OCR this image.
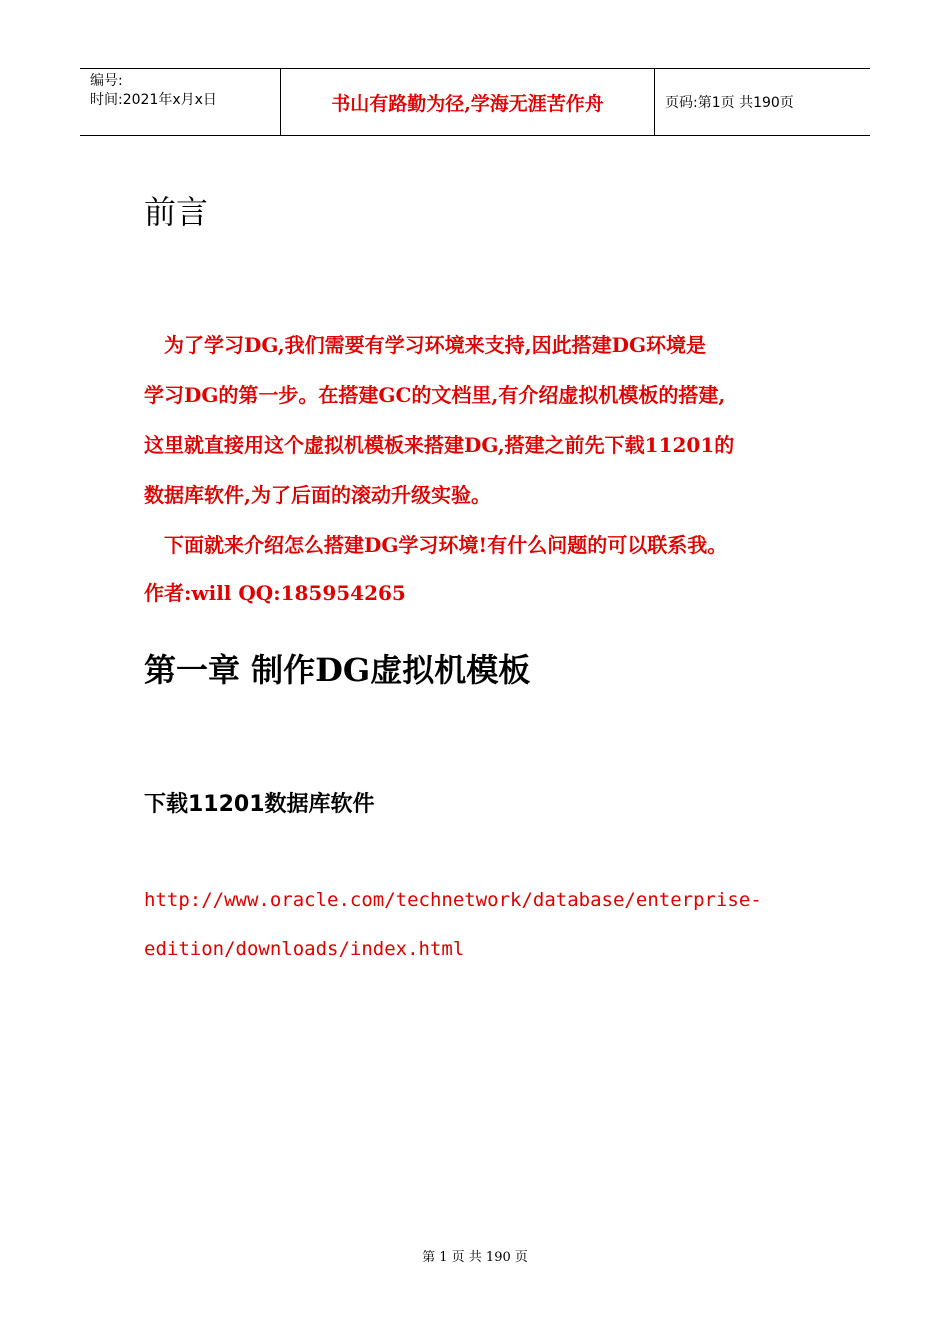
编号:
时间:2021年x月x日	书山有路勤为径,学海无涯苦作舟	页码:第1页 共190页
前言

　为了学习DG,我们需要有学习环境来支持,因此搭建DG环境是

学习DG的第一步。在搭建GC的文档里,有介绍虚拟机模板的搭建,

这里就直接用这个虚拟机模板来搭建DG,搭建之前先下载11201的

数据库软件,为了后面的滚动升级实验。

　下面就来介绍怎么搭建DG学习环境!有什么问题的可以联系我。

作者:will QQ:185954265

第一章 制作DG虚拟机模板
下载11201数据库软件

http://www.oracle.com/technetwork/database/enterprise-

edition/downloads/index.html

第 1 页 共 190 页
